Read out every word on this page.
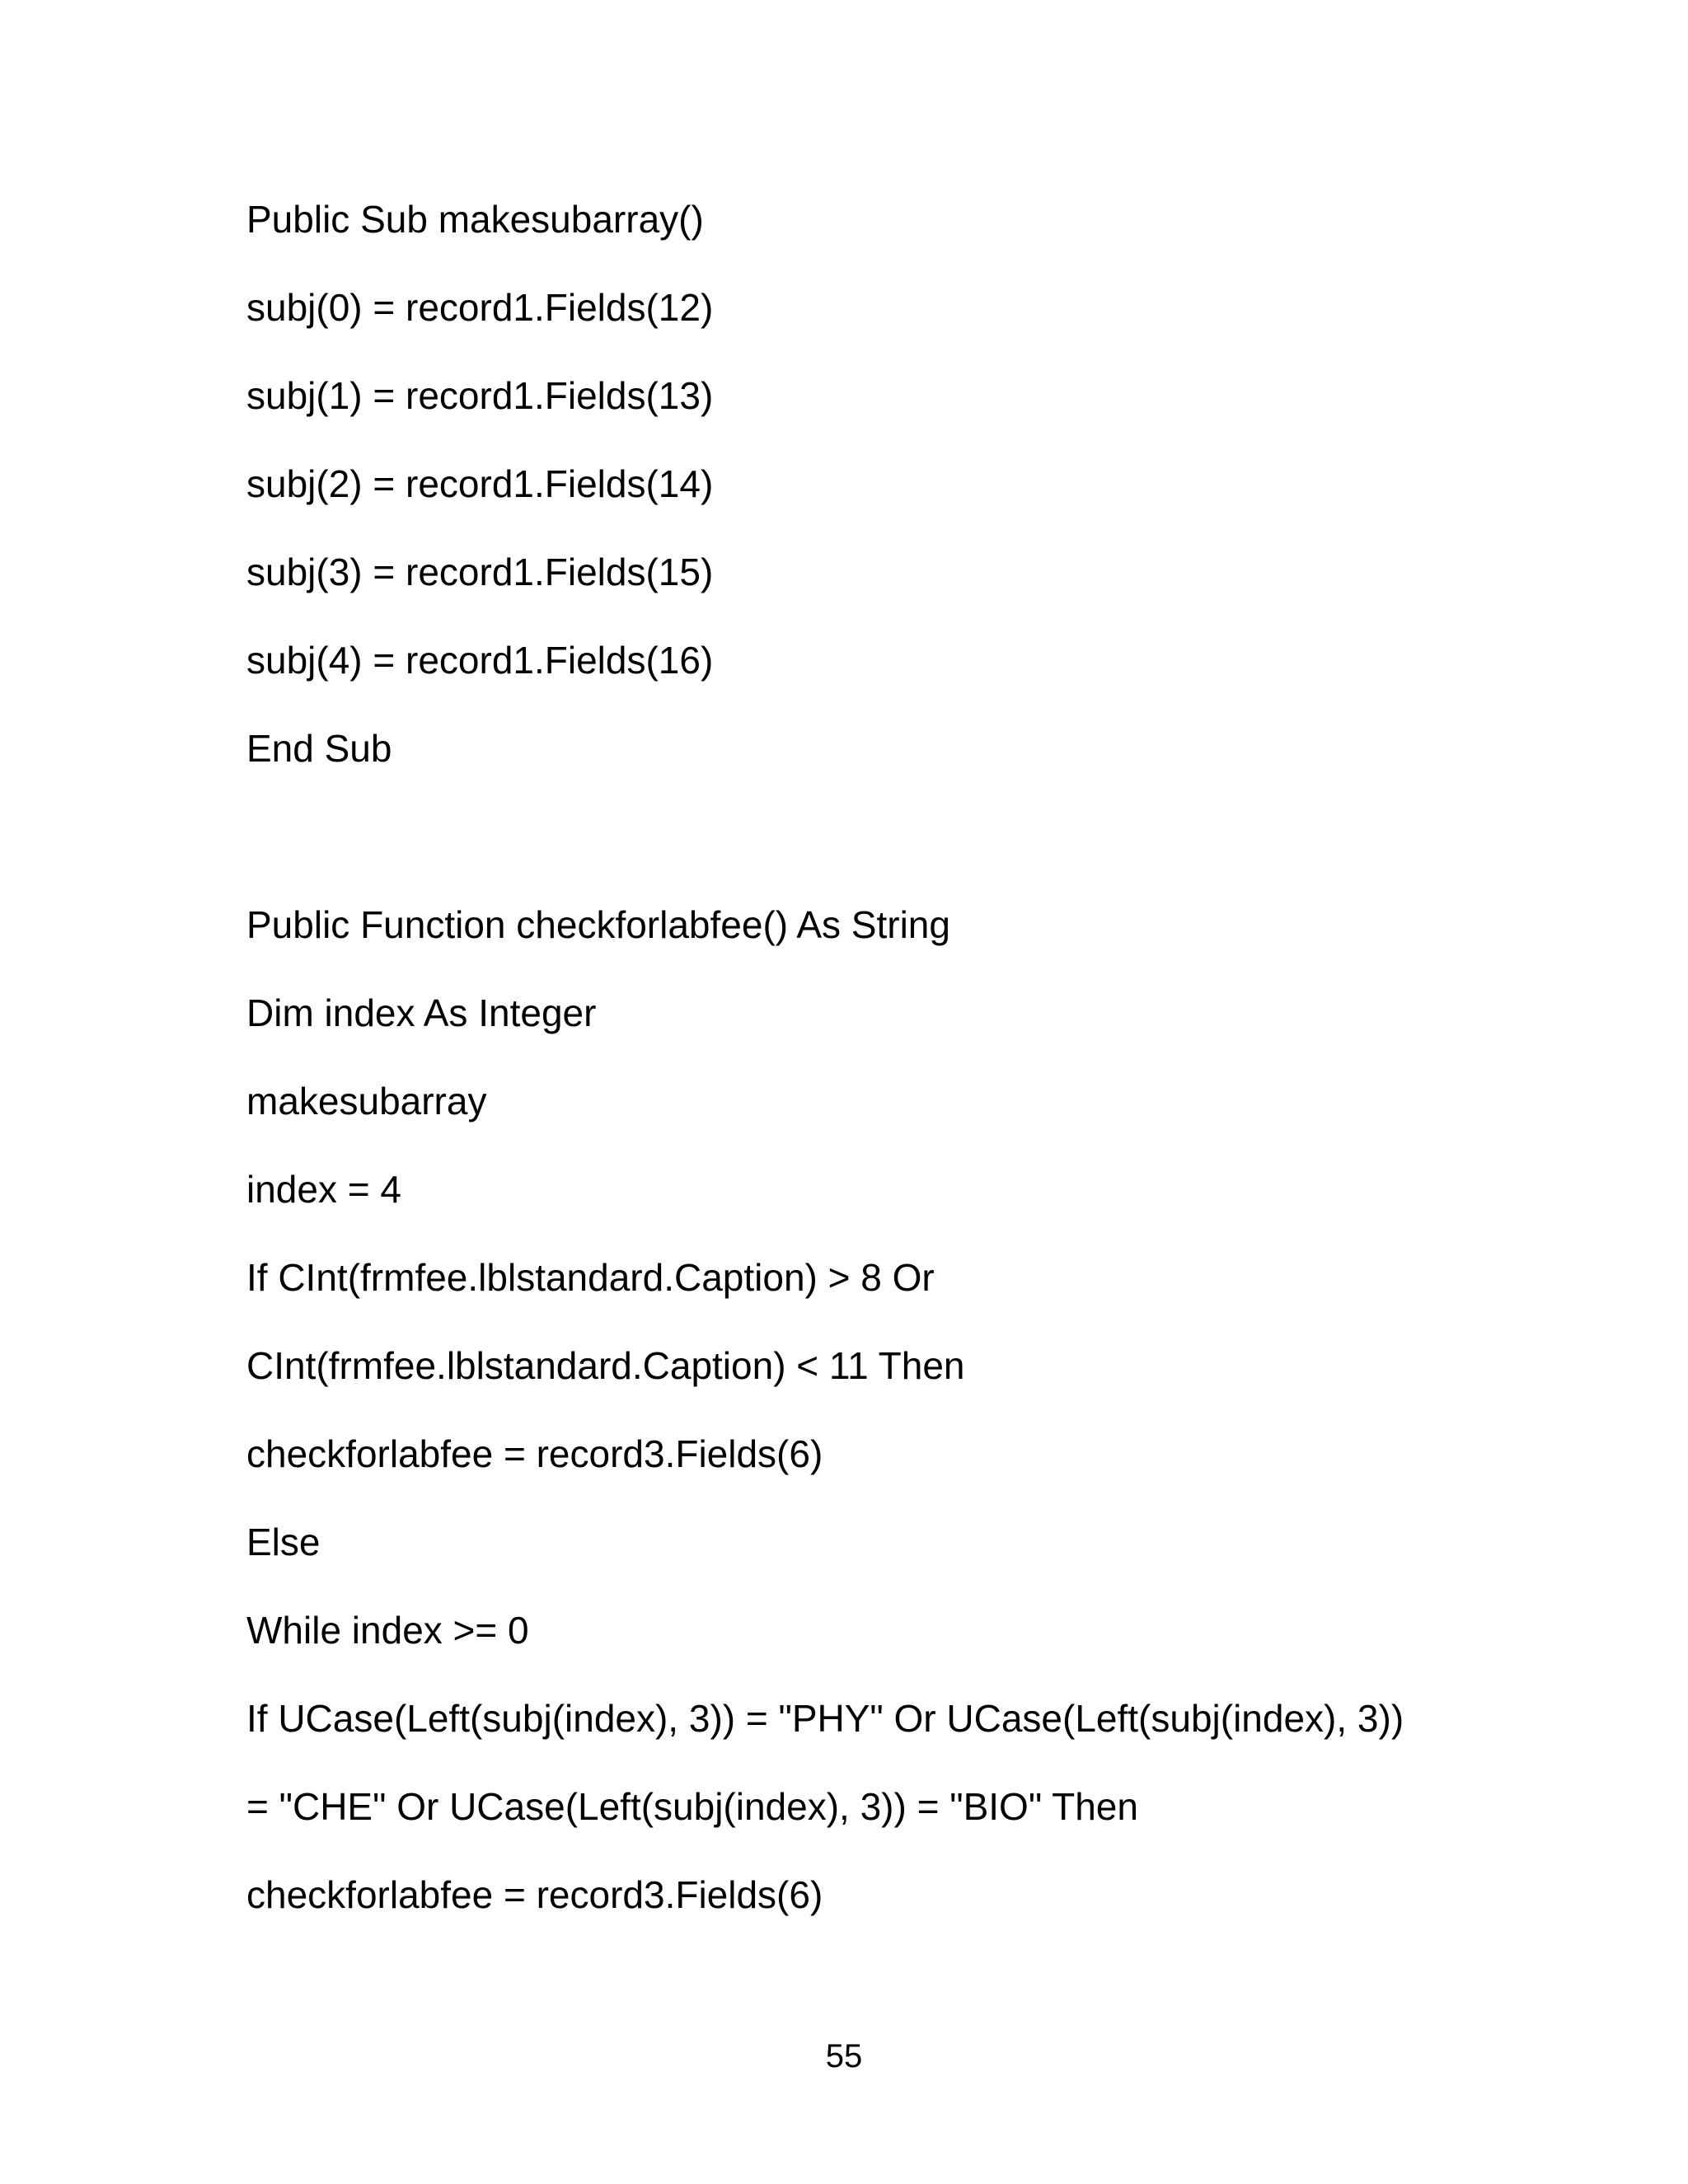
Public Sub makesubarray()
subj(0) = record1.Fields(12)
subj(1) = record1.Fields(13)
subj(2) = record1.Fields(14)
subj(3) = record1.Fields(15)
subj(4) = record1.Fields(16)
End Sub
Public Function checkforlabfee() As String
Dim index As Integer
makesubarray
index = 4
If CInt(frmfee.lblstandard.Caption) > 8 Or
CInt(frmfee.lblstandard.Caption) < 11 Then
checkforlabfee = record3.Fields(6)
Else
While index >= 0
If UCase(Left(subj(index), 3)) = "PHY" Or UCase(Left(subj(index), 3))
= "CHE" Or UCase(Left(subj(index), 3)) = "BIO" Then
checkforlabfee = record3.Fields(6)
55
